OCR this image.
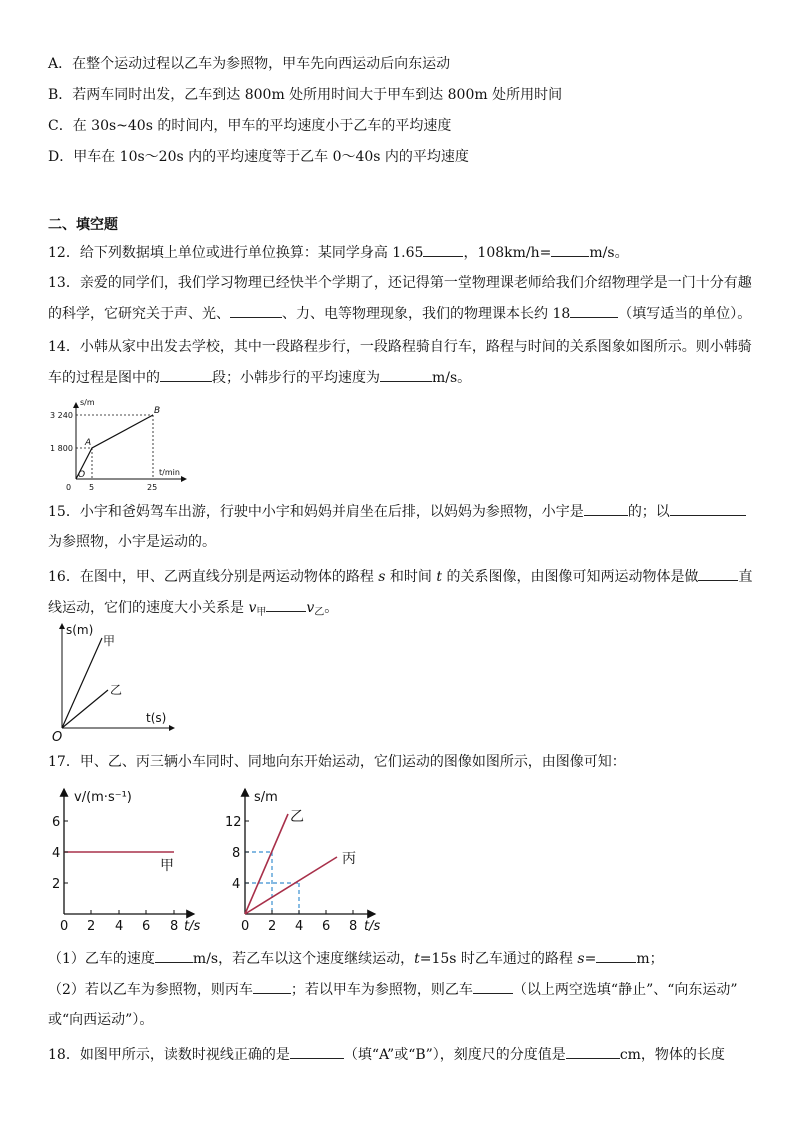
A．在整个运动过程以乙车为参照物，甲车先向西运动后向东运动
B．若两车同时出发，乙车到达 800m 处所用时间大于甲车到达 800m 处所用时间
C．在 30s~40s 的时间内，甲车的平均速度小于乙车的平均速度
D．甲车在 10s～20s 内的平均速度等于乙车 0～40s 内的平均速度
二、填空题
12．给下列数据填上单位或进行单位换算：某同学身高 1.65	，108km/h=	m/s。
13．亲爱的同学们，我们学习物理已经快半个学期了，还记得第一堂物理课老师给我们介绍物理学是一门十分有趣
的科学，它研究关于声、光、	、力、电等物理现象，我们的物理课本长约 18	（填写适当的单位）。
14．小韩从家中出发去学校，其中一段路程步行，一段路程骑自行车，路程与时间的关系图象如图所示。则小韩骑
车的过程是图中的	段；小韩步行的平均速度为	m/s。
s/m
t/min
3 240
1 800
0 5	25
A
B
O
15．小宇和爸妈驾车出游，行驶中小宇和妈妈并肩坐在后排，以妈妈为参照物，小宇是	的；以
为参照物，小宇是运动的。
16．在图中，甲、乙两直线分别是两运动物体的路程 s 和时间 t 的关系图像，由图像可知两运动物体是做	直
线运动，它们的速度大小关系是 $v_甲$	$v_乙$。
s(m)
t(s)
O
甲
乙
17．甲、乙、丙三辆小车同时、同地向东开始运动，它们运动的图像如图所示，由图像可知：
v/(m·s⁻¹)
t/s
6
4
2
0 2 4 6 8
甲
s/m
t/s
12
8
4
0 2 4 6 8
乙
丙
（1）乙车的速度	m/s，若乙车以这个速度继续运动，t=15s 时乙车通过的路程 s=	m；
（2）若以乙车为参照物，则丙车	；若以甲车为参照物，则乙车	（以上两空选填“静止”、“向东运动”
或“向西运动”）。
18．如图甲所示，读数时视线正确的是	（填“A”或“B”），刻度尺的分度值是	cm，物体的长度
